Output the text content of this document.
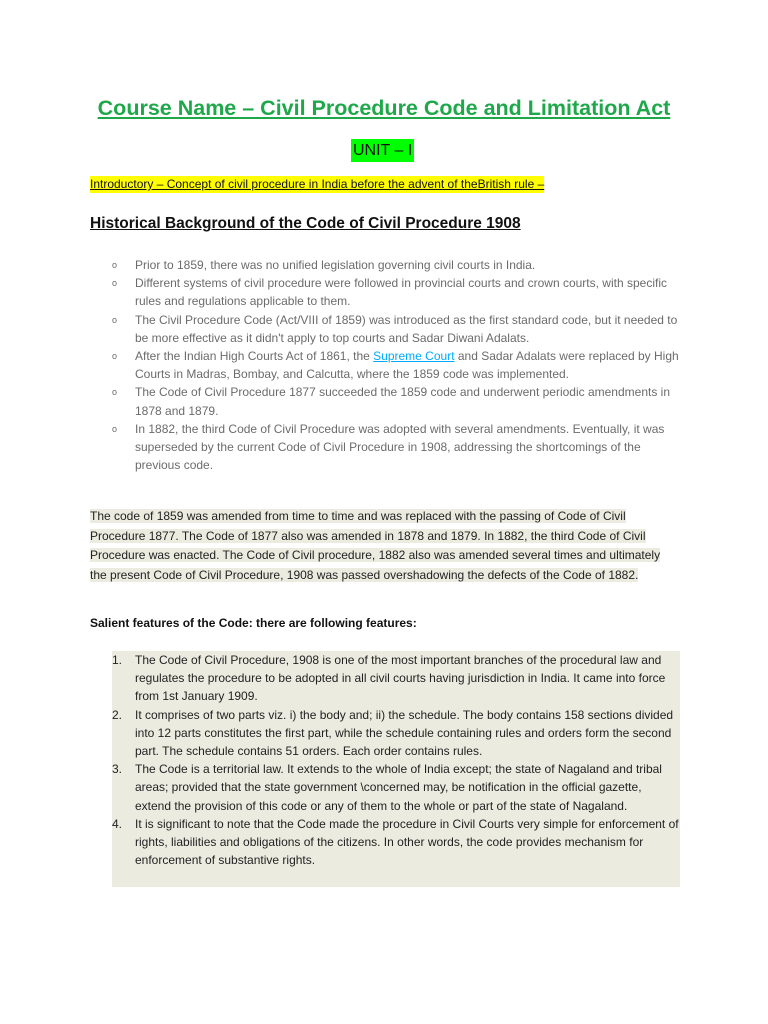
Course Name – Civil Procedure Code and Limitation Act
UNIT – I
Introductory – Concept of civil procedure in India before the advent of theBritish rule –
Historical Background of the Code of Civil Procedure 1908
o Prior to 1859, there was no unified legislation governing civil courts in India.
o Different systems of civil procedure were followed in provincial courts and crown courts, with specific rules and regulations applicable to them.
o The Civil Procedure Code (Act/VIII of 1859) was introduced as the first standard code, but it needed to be more effective as it didn't apply to top courts and Sadar Diwani Adalats.
o After the Indian High Courts Act of 1861, the Supreme Court and Sadar Adalats were replaced by High Courts in Madras, Bombay, and Calcutta, where the 1859 code was implemented.
o The Code of Civil Procedure 1877 succeeded the 1859 code and underwent periodic amendments in 1878 and 1879.
o In 1882, the third Code of Civil Procedure was adopted with several amendments. Eventually, it was superseded by the current Code of Civil Procedure in 1908, addressing the shortcomings of the previous code.
The code of 1859 was amended from time to time and was replaced with the passing of Code of Civil Procedure 1877. The Code of 1877 also was amended in 1878 and 1879. In 1882, the third Code of Civil Procedure was enacted. The Code of Civil procedure, 1882 also was amended several times and ultimately the present Code of Civil Procedure, 1908 was passed overshadowing the defects of the Code of 1882.
Salient features of the Code: there are following features:
1. The Code of Civil Procedure, 1908 is one of the most important branches of the procedural law and regulates the procedure to be adopted in all civil courts having jurisdiction in India. It came into force from 1st January 1909.
2. It comprises of two parts viz. i) the body and; ii) the schedule. The body contains 158 sections divided into 12 parts constitutes the first part, while the schedule containing rules and orders form the second part. The schedule contains 51 orders. Each order contains rules.
3. The Code is a territorial law. It extends to the whole of India except; the state of Nagaland and tribal areas; provided that the state government \concerned may, be notification in the official gazette, extend the provision of this code or any of them to the whole or part of the state of Nagaland.
4. It is significant to note that the Code made the procedure in Civil Courts very simple for enforcement of rights, liabilities and obligations of the citizens. In other words, the code provides mechanism for enforcement of substantive rights.
